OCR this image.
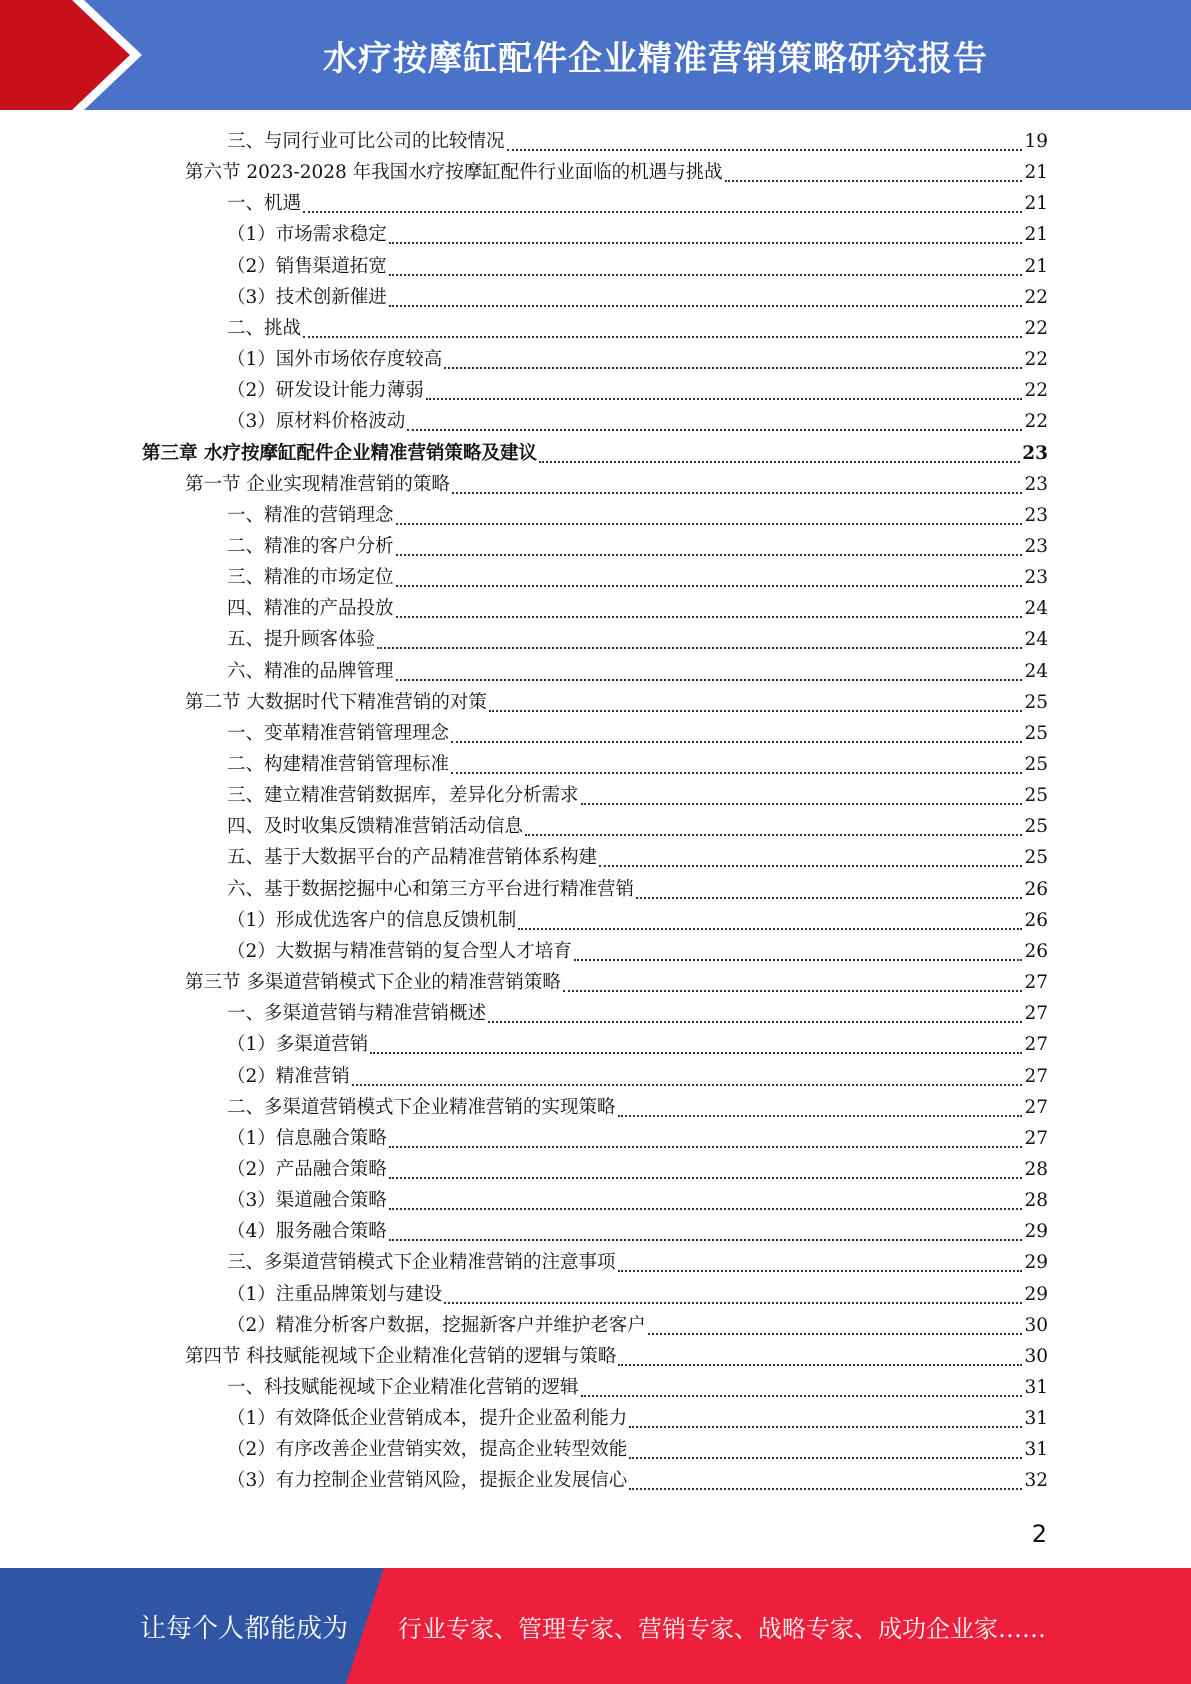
水疗按摩缸配件企业精准营销策略研究报告
三、与同行业可比公司的比较情况	19
第六节 2023-2028 年我国水疗按摩缸配件行业面临的机遇与挑战	21
一、机遇	21
（1）市场需求稳定	21
（2）销售渠道拓宽	21
（3）技术创新催进	22
二、挑战	22
（1）国外市场依存度较高	22
（2）研发设计能力薄弱	22
（3）原材料价格波动	22
第三章 水疗按摩缸配件企业精准营销策略及建议	23
第一节 企业实现精准营销的策略	23
一、精准的营销理念	23
二、精准的客户分析	23
三、精准的市场定位	23
四、精准的产品投放	24
五、提升顾客体验	24
六、精准的品牌管理	24
第二节 大数据时代下精准营销的对策	25
一、变革精准营销管理理念	25
二、构建精准营销管理标准	25
三、建立精准营销数据库，差异化分析需求	25
四、及时收集反馈精准营销活动信息	25
五、基于大数据平台的产品精准营销体系构建	25
六、基于数据挖掘中心和第三方平台进行精准营销	26
（1）形成优选客户的信息反馈机制	26
（2）大数据与精准营销的复合型人才培育	26
第三节 多渠道营销模式下企业的精准营销策略	27
一、多渠道营销与精准营销概述	27
（1）多渠道营销	27
（2）精准营销	27
二、多渠道营销模式下企业精准营销的实现策略	27
（1）信息融合策略	27
（2）产品融合策略	28
（3）渠道融合策略	28
（4）服务融合策略	29
三、多渠道营销模式下企业精准营销的注意事项	29
（1）注重品牌策划与建设	29
（2）精准分析客户数据，挖掘新客户并维护老客户	30
第四节 科技赋能视域下企业精准化营销的逻辑与策略	30
一、科技赋能视域下企业精准化营销的逻辑	31
（1）有效降低企业营销成本，提升企业盈利能力	31
（2）有序改善企业营销实效，提高企业转型效能	31
（3）有力控制企业营销风险，提振企业发展信心	32
2
让每个人都能成为 行业专家、管理专家、营销专家、战略专家、成功企业家……
